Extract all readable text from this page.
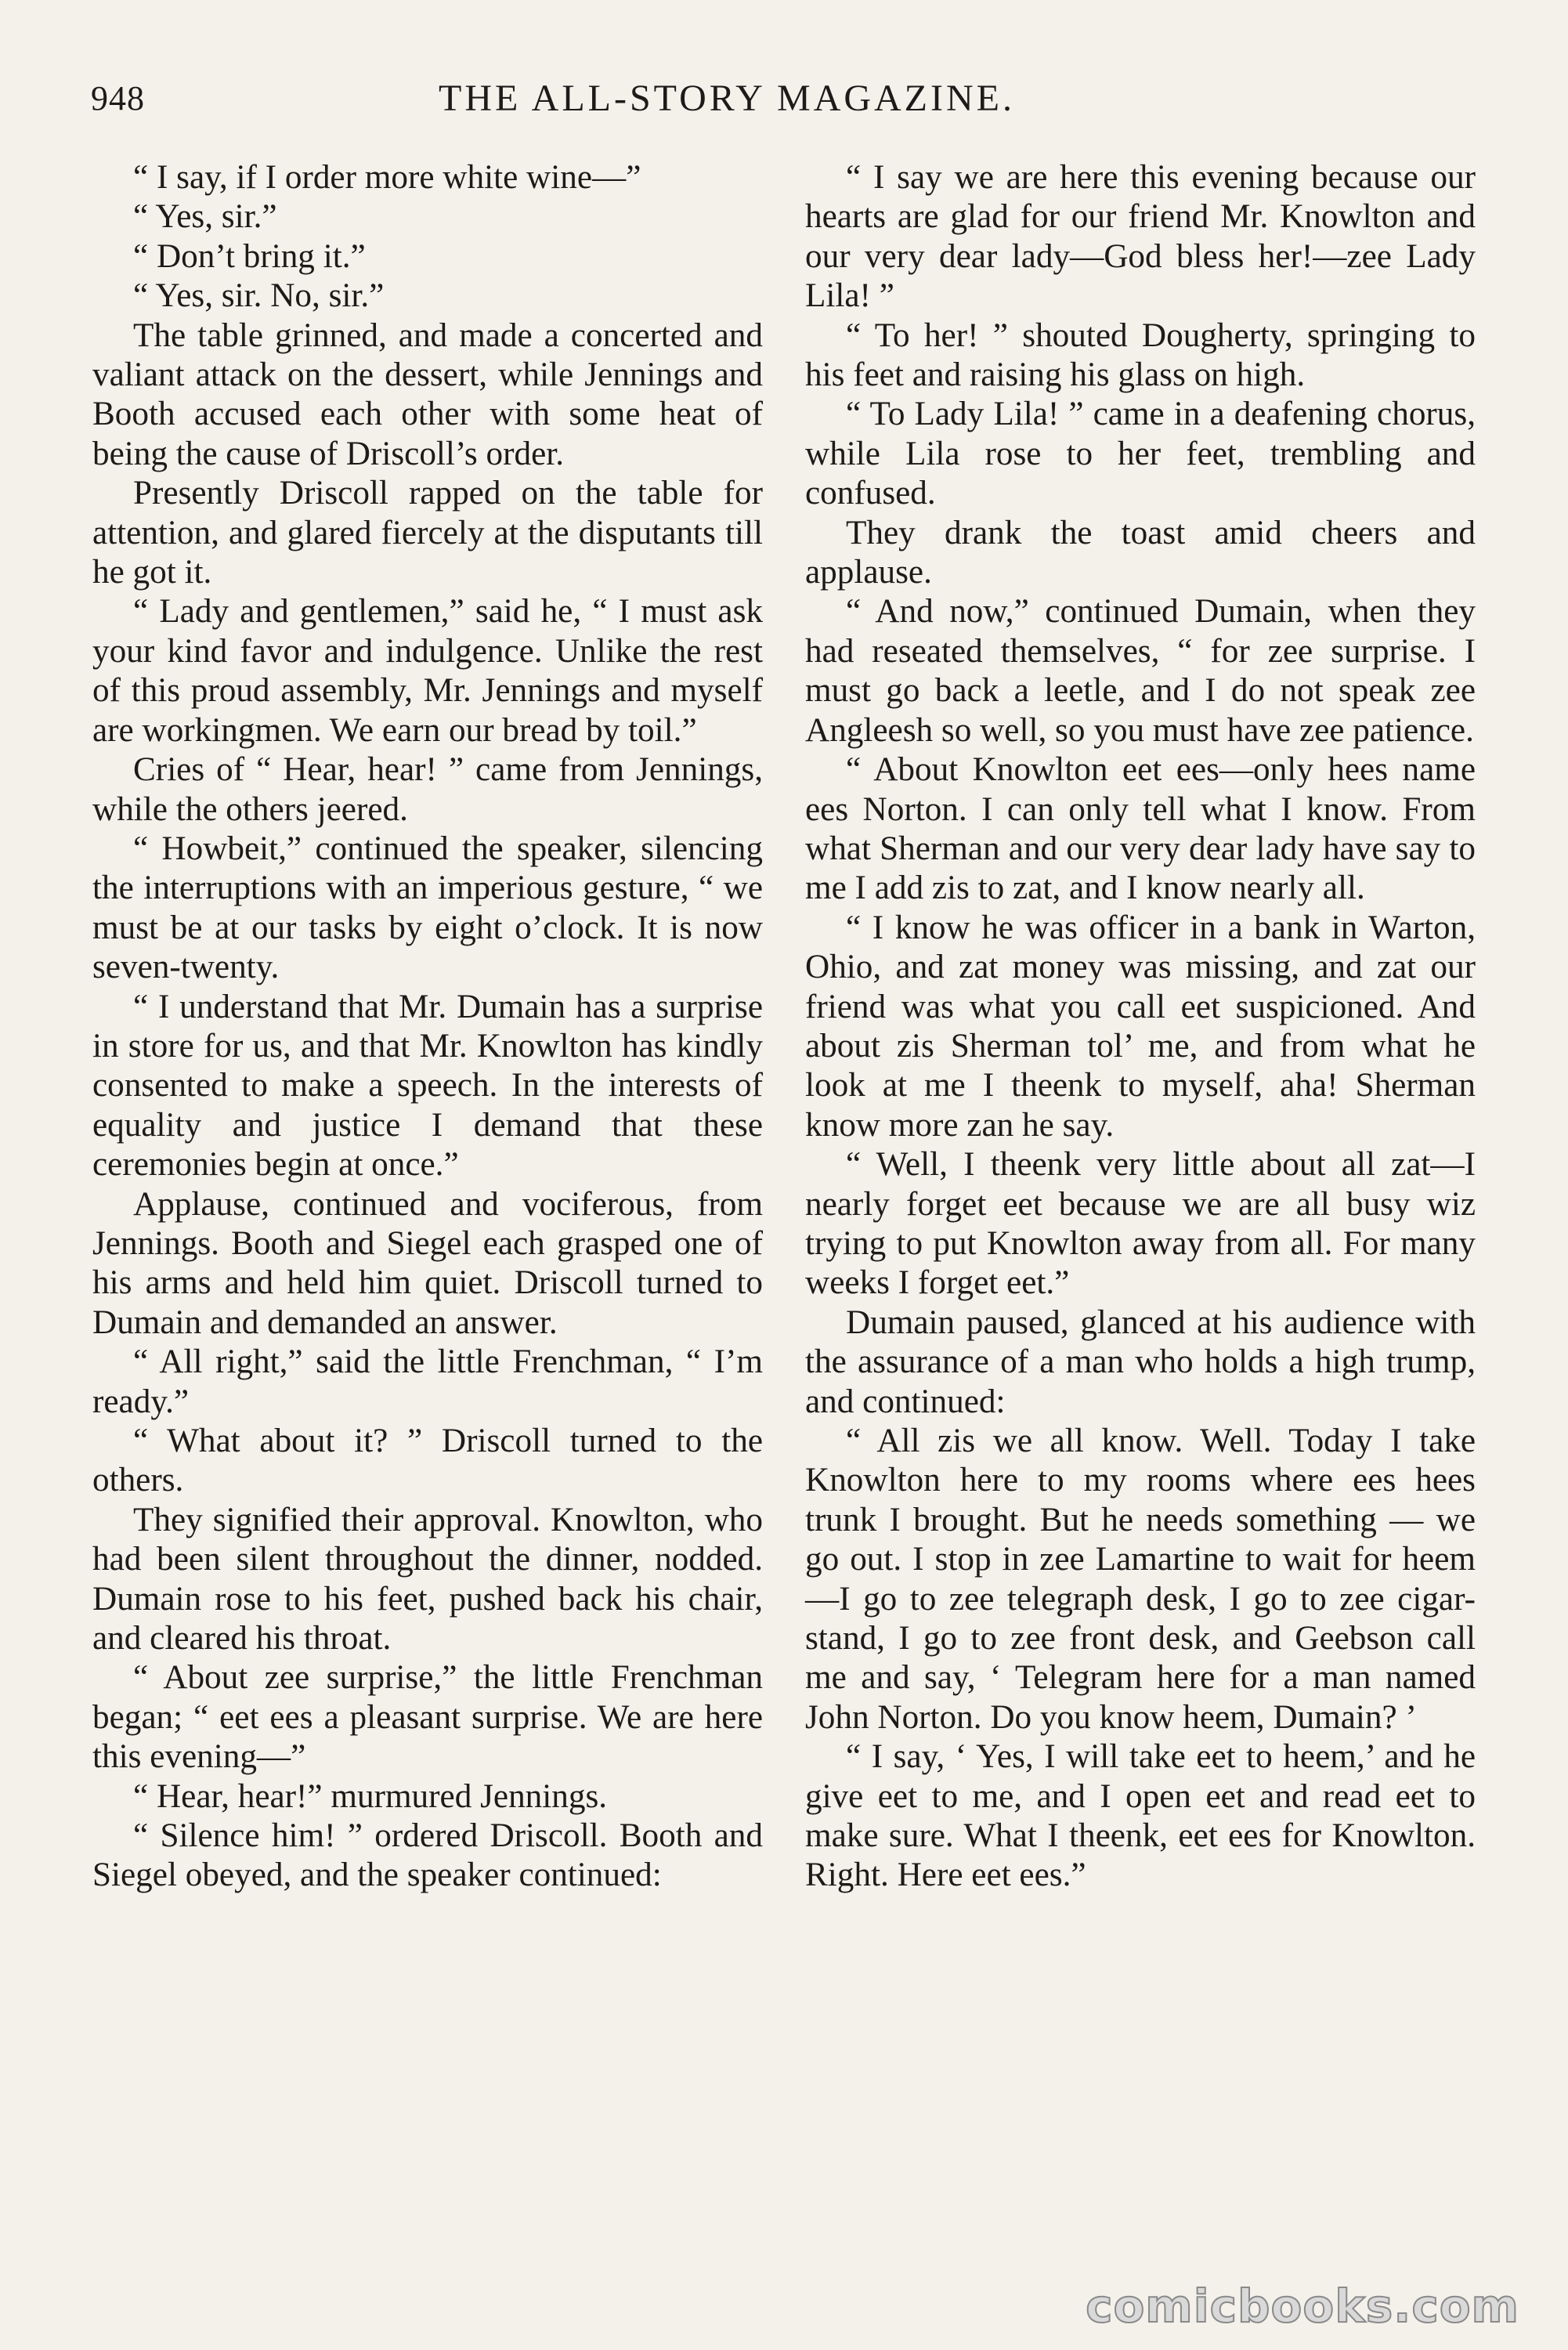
948	THE ALL-STORY MAGAZINE.

“ I say, if I order more white wine—”

“ Yes, sir.”

“ Don’t bring it.”

“ Yes, sir. No, sir.”

The table grinned, and made a concerted and valiant attack on the dessert, while Jennings and Booth accused each other with some heat of being the cause of Driscoll’s order.

Presently Driscoll rapped on the table for attention, and glared fiercely at the disputants till he got it.

“ Lady and gentlemen,” said he, “ I must ask your kind favor and indulgence. Unlike the rest of this proud assembly, Mr. Jennings and myself are workingmen. We earn our bread by toil.”

Cries of “ Hear, hear! ” came from Jennings, while the others jeered.

“ Howbeit,” continued the speaker, silencing the interruptions with an imperious gesture, “ we must be at our tasks by eight o’clock. It is now seven-twenty.

“ I understand that Mr. Dumain has a surprise in store for us, and that Mr. Knowlton has kindly consented to make a speech. In the interests of equality and justice I demand that these ceremonies begin at once.”

Applause, continued and vociferous, from Jennings. Booth and Siegel each grasped one of his arms and held him quiet. Driscoll turned to Dumain and demanded an answer.

“ All right,” said the little Frenchman, “ I’m ready.”

“ What about it? ” Driscoll turned to the others.

They signified their approval. Knowlton, who had been silent throughout the dinner, nodded. Dumain rose to his feet, pushed back his chair, and cleared his throat.

“ About zee surprise,” the little Frenchman began; “ eet ees a pleasant surprise. We are here this evening—”

“ Hear, hear!” murmured Jennings.

“ Silence him! ” ordered Driscoll. Booth and Siegel obeyed, and the speaker continued:

“ I say we are here this evening because our hearts are glad for our friend Mr. Knowlton and our very dear lady—God bless her!—zee Lady Lila! ”

“ To her! ” shouted Dougherty, springing to his feet and raising his glass on high.

“ To Lady Lila! ” came in a deafening chorus, while Lila rose to her feet, trembling and confused.

They drank the toast amid cheers and applause.

“ And now,” continued Dumain, when they had reseated themselves, “ for zee surprise. I must go back a leetle, and I do not speak zee Angleesh so well, so you must have zee patience.

“ About Knowlton eet ees—only hees name ees Norton. I can only tell what I know. From what Sherman and our very dear lady have say to me I add zis to zat, and I know nearly all.

“ I know he was officer in a bank in Warton, Ohio, and zat money was missing, and zat our friend was what you call eet suspicioned. And about zis Sherman tol’ me, and from what he look at me I theenk to myself, aha! Sherman know more zan he say.

“ Well, I theenk very little about all zat—I nearly forget eet because we are all busy wiz trying to put Knowlton away from all. For many weeks I forget eet.”

Dumain paused, glanced at his audience with the assurance of a man who holds a high trump, and continued:

“ All zis we all know. Well. Today I take Knowlton here to my rooms where ees hees trunk I brought. But he needs something — we go out. I stop in zee Lamartine to wait for heem —I go to zee telegraph desk, I go to zee cigar-stand, I go to zee front desk, and Geebson call me and say, ‘ Telegram here for a man named John Norton. Do you know heem, Dumain? ’

“ I say, ‘ Yes, I will take eet to heem,’ and he give eet to me, and I open eet and read eet to make sure. What I theenk, eet ees for Knowlton. Right. Here eet ees.”

comicbooks.com
